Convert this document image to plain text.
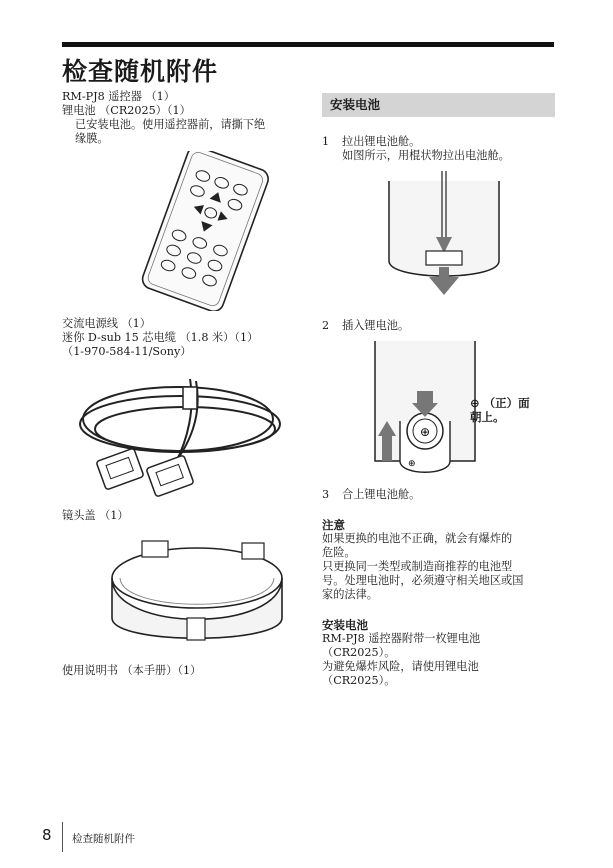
检查随机附件

RM-PJ8 遥控器 （1）

锂电池 （CR2025）（1）

已安装电池。使用遥控器前，请撕下绝

缘膜。

交流电源线 （1）

迷你 D-sub 15 芯电缆 （1.8 米）（1）

（1-970-584-11/Sony）

镜头盖 （1）

使用说明书 （本手册）（1）

安装电池
1	拉出锂电池舱。

如图所示，用棍状物拉出电池舱。

2	插入锂电池。

⊕
⊕
⊕ （正）面
朝上。
3	合上锂电池舱。

注意

如果更换的电池不正确，就会有爆炸的

危险。

只更换同一类型或制造商推荐的电池型

号。处理电池时，必须遵守相关地区或国

家的法律。

安装电池

RM-PJ8 遥控器附带一枚锂电池

（CR2025）。

为避免爆炸风险，请使用锂电池

（CR2025）。

8 检查随机附件
